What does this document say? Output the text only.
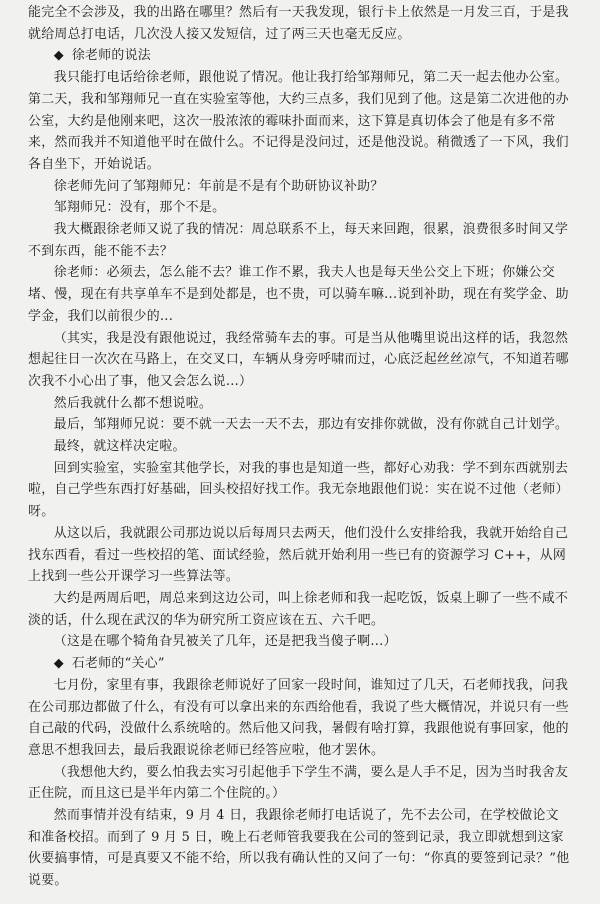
能完全不会涉及，我的出路在哪里？然后有一天我发现，银行卡上依然是一月发三百，于是我就给周总打电话，几次没人接又发短信，过了两三天也毫无反应。

◆ 徐老师的说法

我只能打电话给徐老师，跟他说了情况。他让我打给邹翔师兄，第二天一起去他办公室。第二天，我和邹翔师兄一直在实验室等他，大约三点多，我们见到了他。这是第二次进他的办公室，大约是他刚来吧，这次一股浓浓的霉味扑面而来，这下算是真切体会了他是有多不常来，然而我并不知道他平时在做什么。不记得是没问过，还是他没说。稍微透了一下风，我们各自坐下，开始说话。

徐老师先问了邹翔师兄：年前是不是有个助研协议补助？

邹翔师兄：没有，那个不是。

我大概跟徐老师又说了我的情况：周总联系不上，每天来回跑，很累，浪费很多时间又学不到东西，能不能不去？

徐老师：必须去，怎么能不去？谁工作不累，我夫人也是每天坐公交上下班；你嫌公交堵、慢，现在有共享单车不是到处都是，也不贵，可以骑车嘛...说到补助，现在有奖学金、助学金，我们以前很少的...

（其实，我是没有跟他说过，我经常骑车去的事。可是当从他嘴里说出这样的话，我忽然想起往日一次次在马路上，在交叉口，车辆从身旁呼啸而过，心底泛起丝丝凉气，不知道若哪次我不小心出了事，他又会怎么说...）

然后我就什么都不想说啦。

最后，邹翔师兄说：要不就一天去一天不去，那边有安排你就做，没有你就自己计划学。

最终，就这样决定啦。

回到实验室，实验室其他学长，对我的事也是知道一些，都好心劝我：学不到东西就别去啦，自己学些东西打好基础，回头校招好找工作。我无奈地跟他们说：实在说不过他（老师）呀。

从这以后，我就跟公司那边说以后每周只去两天，他们没什么安排给我，我就开始给自己找东西看，看过一些校招的笔、面试经验，然后就开始利用一些已有的资源学习 C++，从网上找到一些公开课学习一些算法等。

大约是两周后吧，周总来到这边公司，叫上徐老师和我一起吃饭，饭桌上聊了一些不咸不淡的话，什么现在武汉的华为研究所工资应该在五、六千吧。

（这是在哪个犄角旮旯被关了几年，还是把我当傻子啊...）

◆ 石老师的“关心”

七月份，家里有事，我跟徐老师说好了回家一段时间，谁知过了几天，石老师找我，问我在公司那边都做了什么，有没有可以拿出来的东西给他看，我说了些大概情况，并说只有一些自己敲的代码，没做什么系统啥的。然后他又问我，暑假有啥打算，我跟他说有事回家，他的意思不想我回去，最后我跟说徐老师已经答应啦，他才罢休。

（我想他大约，要么怕我去实习引起他手下学生不满，要么是人手不足，因为当时我舍友正住院，而且这已是半年内第二个住院的。）

然而事情并没有结束，9 月 4 日，我跟徐老师打电话说了，先不去公司，在学校做论文和准备校招。而到了 9 月 5 日，晚上石老师管我要我在公司的签到记录，我立即就想到这家伙要搞事情，可是真要又不能不给，所以我有确认性的又问了一句：“你真的要签到记录？”他说要。
